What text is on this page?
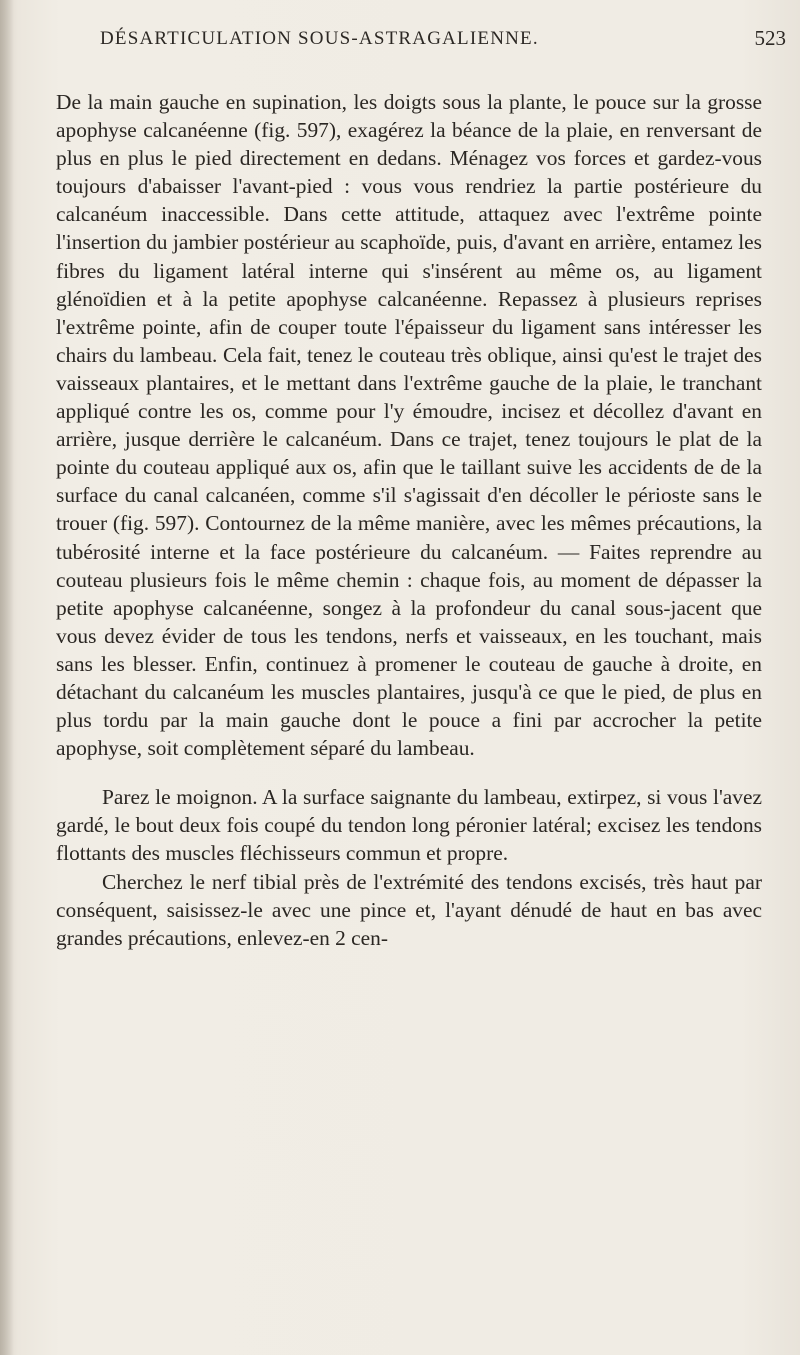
DÉSARTICULATION SOUS-ASTRAGALIENNE.	523

De la main gauche en supination, les doigts sous la plante, le pouce sur la grosse apophyse calcanéenne (fig. 597), exagérez la béance de la plaie, en renversant de plus en plus le pied directement en dedans. Ménagez vos forces et gardez-vous toujours d'abaisser l'avant-pied : vous vous rendriez la partie postérieure du calcanéum inaccessible. Dans cette attitude, attaquez avec l'extrême pointe l'insertion du jambier postérieur au scaphoïde, puis, d'avant en arrière, entamez les fibres du ligament latéral interne qui s'insérent au même os, au ligament glénoïdien et à la petite apophyse calcanéenne. Repassez à plusieurs reprises l'extrême pointe, afin de couper toute l'épaisseur du ligament sans intéresser les chairs du lambeau. Cela fait, tenez le couteau très oblique, ainsi qu'est le trajet des vaisseaux plantaires, et le mettant dans l'extrême gauche de la plaie, le tranchant appliqué contre les os, comme pour l'y émoudre, incisez et décollez d'avant en arrière, jusque derrière le calcanéum. Dans ce trajet, tenez toujours le plat de la pointe du couteau appliqué aux os, afin que le taillant suive les accidents de de la surface du canal calcanéen, comme s'il s'agissait d'en décoller le périoste sans le trouer (fig. 597). Contournez de la même manière, avec les mêmes précautions, la tubérosité interne et la face postérieure du calcanéum. — Faites reprendre au couteau plusieurs fois le même chemin : chaque fois, au moment de dépasser la petite apophyse calcanéenne, songez à la profondeur du canal sous-jacent que vous devez évider de tous les tendons, nerfs et vaisseaux, en les touchant, mais sans les blesser. Enfin, continuez à promener le couteau de gauche à droite, en détachant du calcanéum les muscles plantaires, jusqu'à ce que le pied, de plus en plus tordu par la main gauche dont le pouce a fini par accrocher la petite apophyse, soit complètement séparé du lambeau.

Parez le moignon. A la surface saignante du lambeau, extirpez, si vous l'avez gardé, le bout deux fois coupé du tendon long péronier latéral; excisez les tendons flottants des muscles fléchisseurs commun et propre.

Cherchez le nerf tibial près de l'extrémité des tendons excisés, très haut par conséquent, saisissez-le avec une pince et, l'ayant dénudé de haut en bas avec grandes précautions, enlevez-en 2 cen-
